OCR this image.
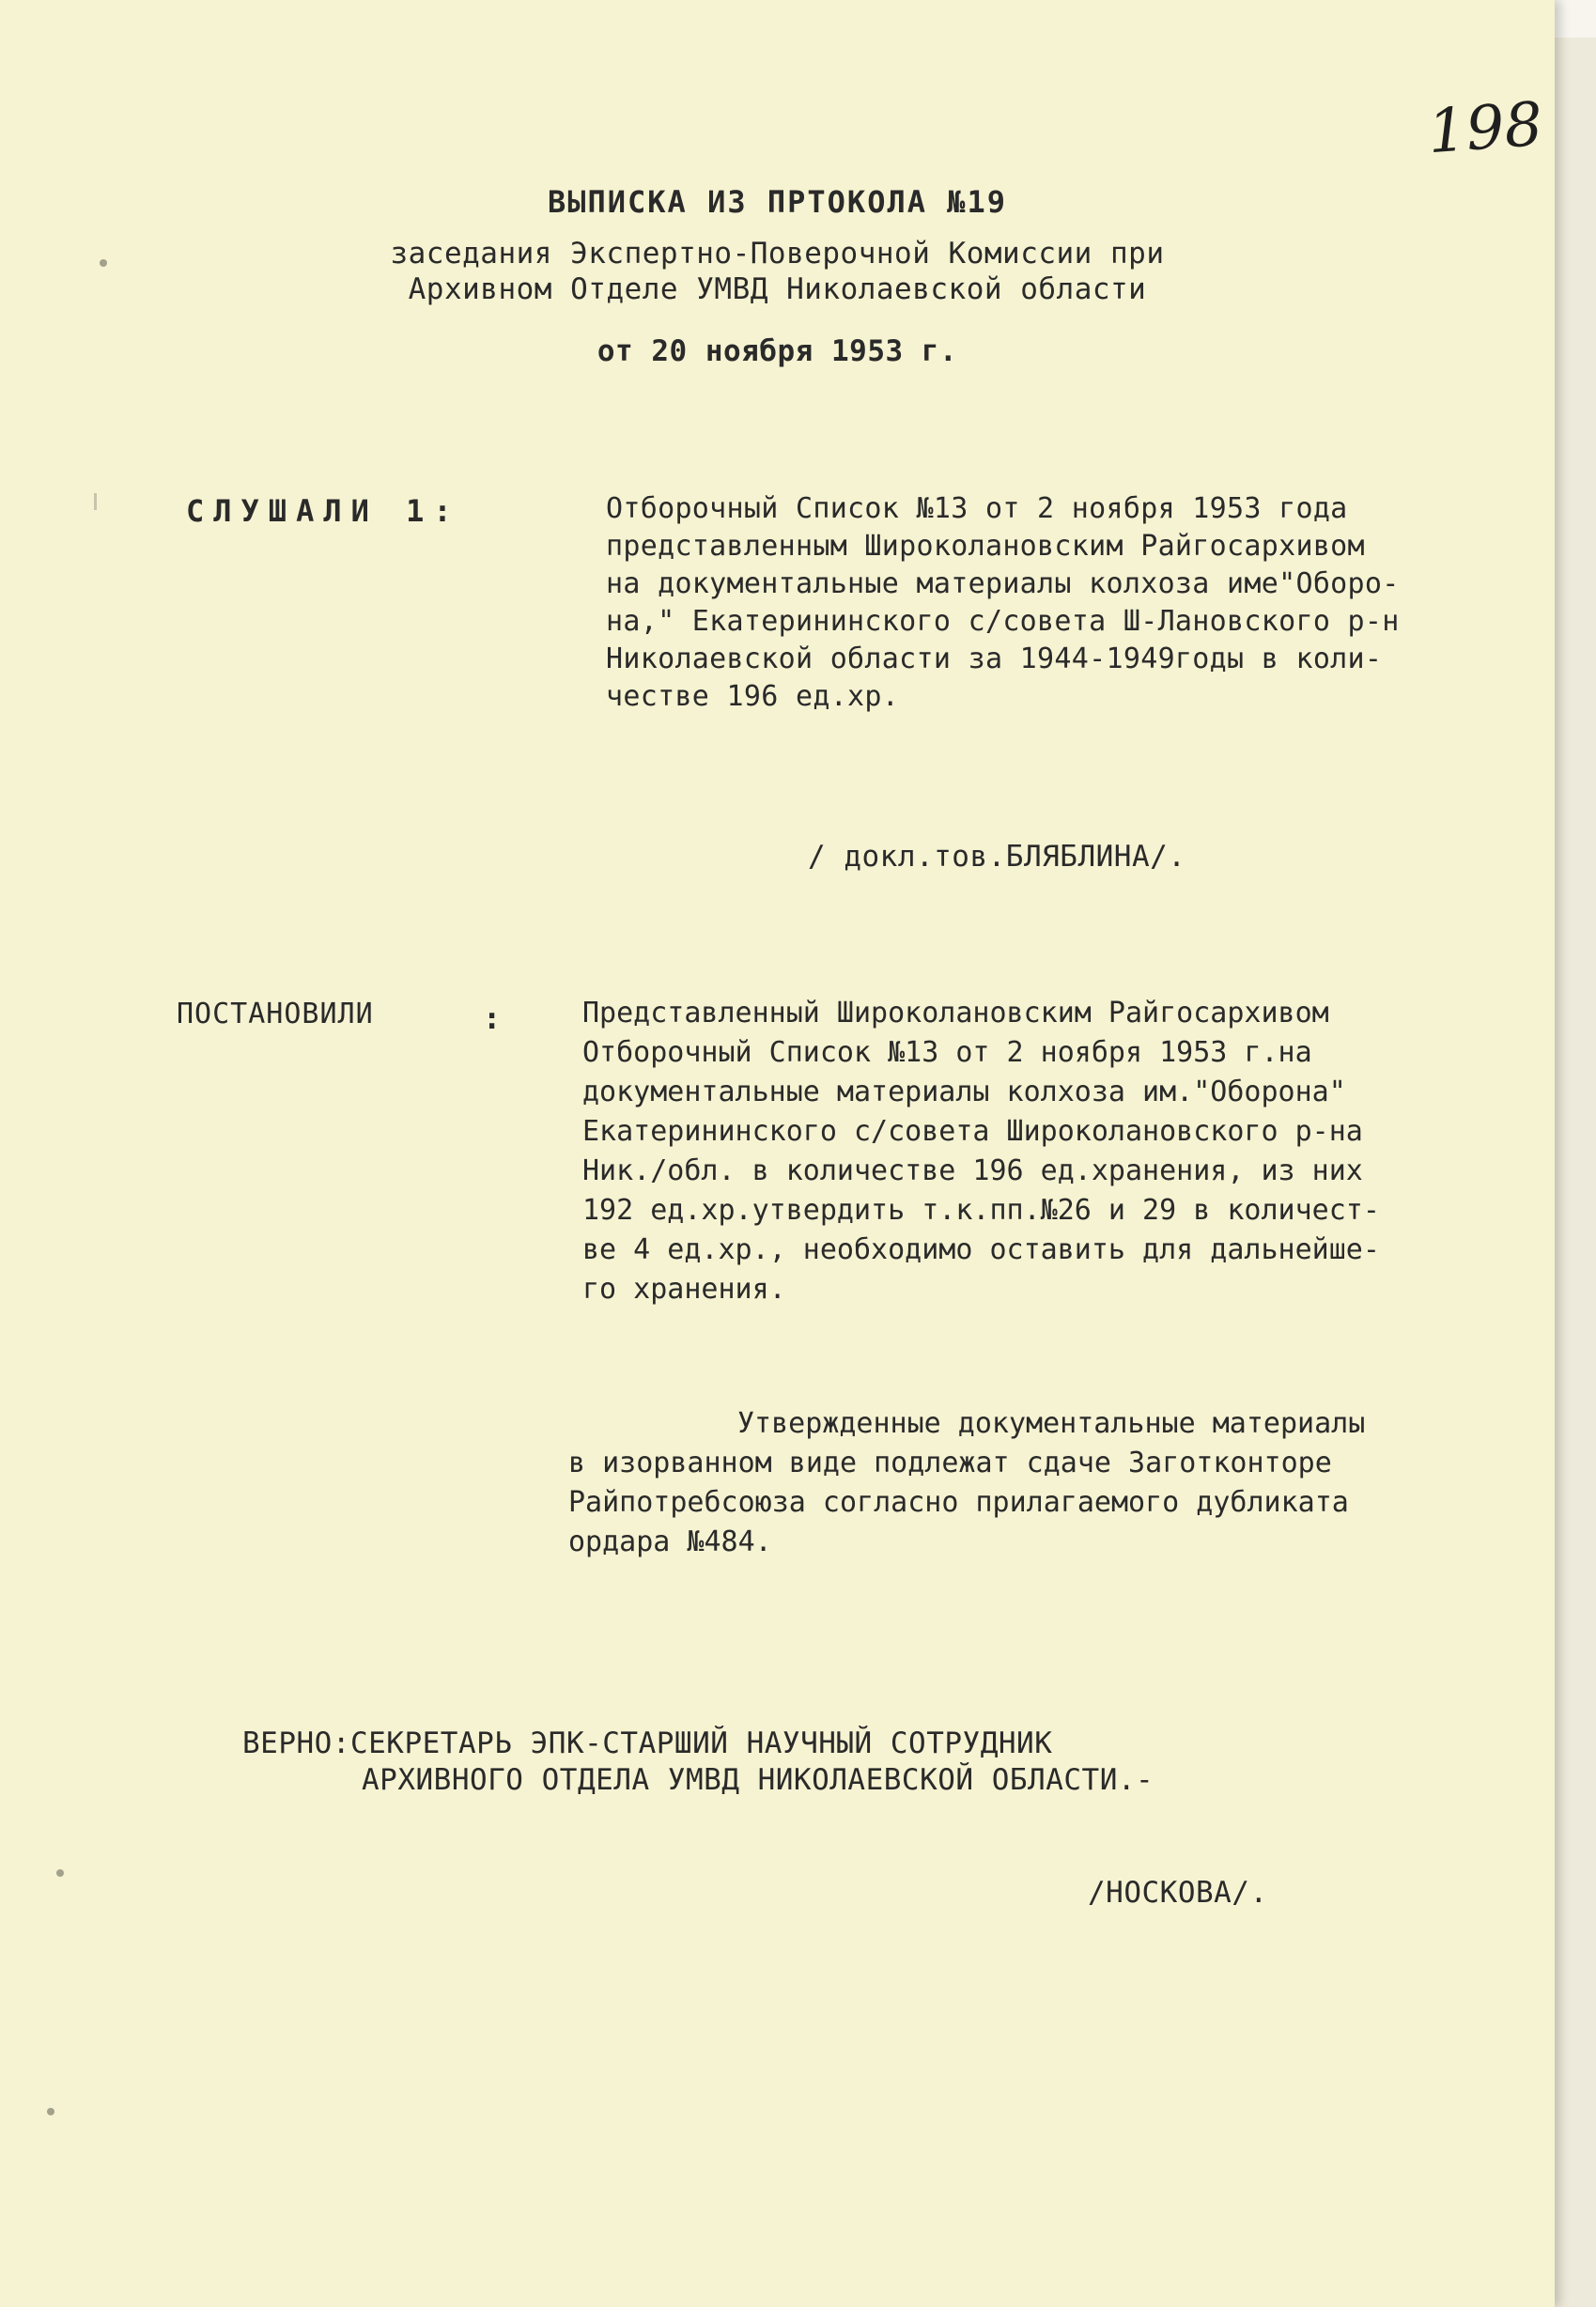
198
ВЫПИСКА ИЗ ПРТОКОЛА №19
заседания Экспертно-Поверочной Комиссии при
Архивном Отделе УМВД Николаевской области
от 20 ноября 1953 г.
СЛУШАЛИ 1:	Отборочный Список №13 от 2 ноября 1953 года
представленным Широколановским Райгосархивом
на документальные материалы колхоза име"Оборо-
на," Екатерининского с/совета Ш-Лановского р-н
Николаевской области за 1944-1949годы в коли-
честве 196 ед.хр.
/ докл.тов.БЛЯБЛИНА/.
ПОСТАНОВИЛИ	:	Представленный Широколановским Райгосархивом
Отборочный Список №13 от 2 ноября 1953 г.на
документальные материалы колхоза им."Оборона"
Екатерининского с/совета Широколановского р-на
Ник./обл. в количестве 196 ед.хранения, из них
192 ед.хр.утвердить т.к.пп.№26 и 29 в количест-
ве 4 ед.хр., необходимо оставить для дальнейше-
го хранения.
Утвержденные документальные материалы
в изорванном виде подлежат сдаче Заготконторе
Райпотребсоюза согласно прилагаемого дубликата
ордара №484.
ВЕРНО:СЕКРЕТАРЬ ЭПК-СТАРШИЙ НАУЧНЫЙ СОТРУДНИК
АРХИВНОГО ОТДЕЛА УМВД НИКОЛАЕВСКОЙ ОБЛАСТИ.-
/НОСКОВА/.
